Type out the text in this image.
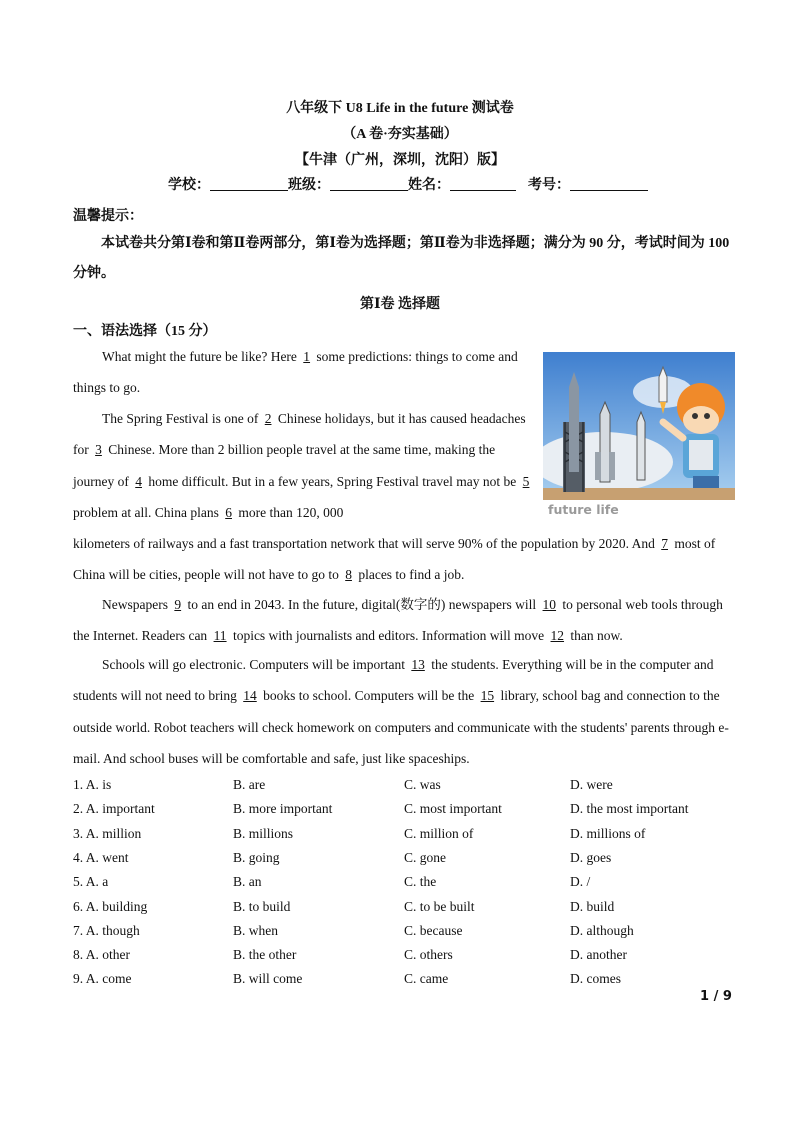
八年级下 U8 Life in the future 测试卷
（A 卷·夯实基础）
【牛津（广州，深圳，沈阳）版】
学校：	班级：	姓名：	考号：
温馨提示：
本试卷共分第Ⅰ卷和第Ⅱ卷两部分，第Ⅰ卷为选择题；第Ⅱ卷为非选择题；满分为 90 分，考试时间为 100
分钟。
第Ⅰ卷 选择题
一、语法选择（15 分）
future life

What might the future be like? Here 1 some predictions: things to come and things to go.

The Spring Festival is one of 2 Chinese holidays, but it has caused headaches for 3 Chinese. More than 2 billion people travel at the same time, making the journey of 4 home difficult. But in a few years, Spring Festival travel may not be 5 problem at all. China plans 6 more than 120, 000

kilometers of railways and a fast transportation network that will serve 90% of the population by 2020. And 7 most of China will be cities, people will not have to go to 8 places to find a job.

Newspapers 9 to an end in 2043. In the future, digital(数字的) newspapers will 10 to personal web tools through the Internet. Readers can 11 topics with journalists and editors. Information will move 12 than now.

Schools will go electronic. Computers will be important 13 the students. Everything will be in the computer and students will not need to bring 14 books to school. Computers will be the 15 library, school bag and connection to the outside world. Robot teachers will check homework on computers and communicate with the students' parents through e-mail. And school buses will be comfortable and safe, just like spaceships.

1. A. is	B. are	C. was	D. were
2. A. important	B. more important	C. most important	D. the most important
3. A. million	B. millions	C. million of	D. millions of
4. A. went	B. going	C. gone	D. goes
5. A. a	B. an	C. the	D. /
6. A. building	B. to build	C. to be built	D. build
7. A. though	B. when	C. because	D. although
8. A. other	B. the other	C. others	D. another
9. A. come	B. will come	C. came	D. comes
1 / 9
